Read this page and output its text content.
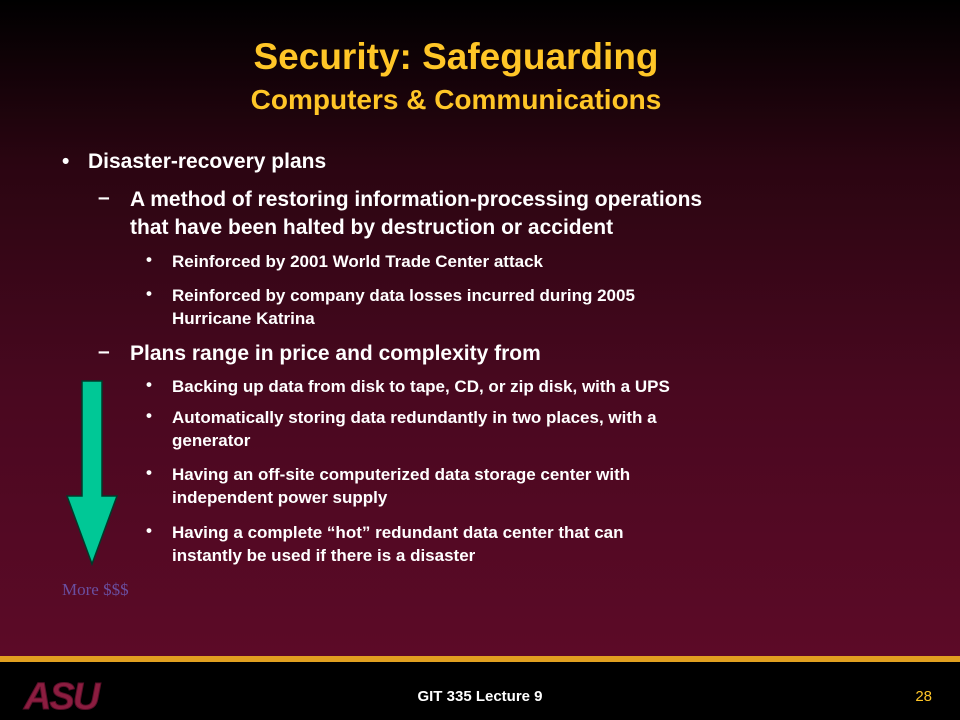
Security: Safeguarding
Computers & Communications
• Disaster-recovery plans
– A method of restoring information-processing operations
that have been halted by destruction or accident
• Reinforced by 2001 World Trade Center attack
• Reinforced by company data losses incurred during 2005
Hurricane Katrina
– Plans range in price and complexity from
• Backing up data from disk to tape, CD, or zip disk, with a UPS
• Automatically storing data redundantly in two places, with a
generator
• Having an off-site computerized data storage center with
independent power supply
• Having a complete “hot” redundant data center that can
instantly be used if there is a disaster
More $$$
ASU	GIT 335 Lecture 9	28
